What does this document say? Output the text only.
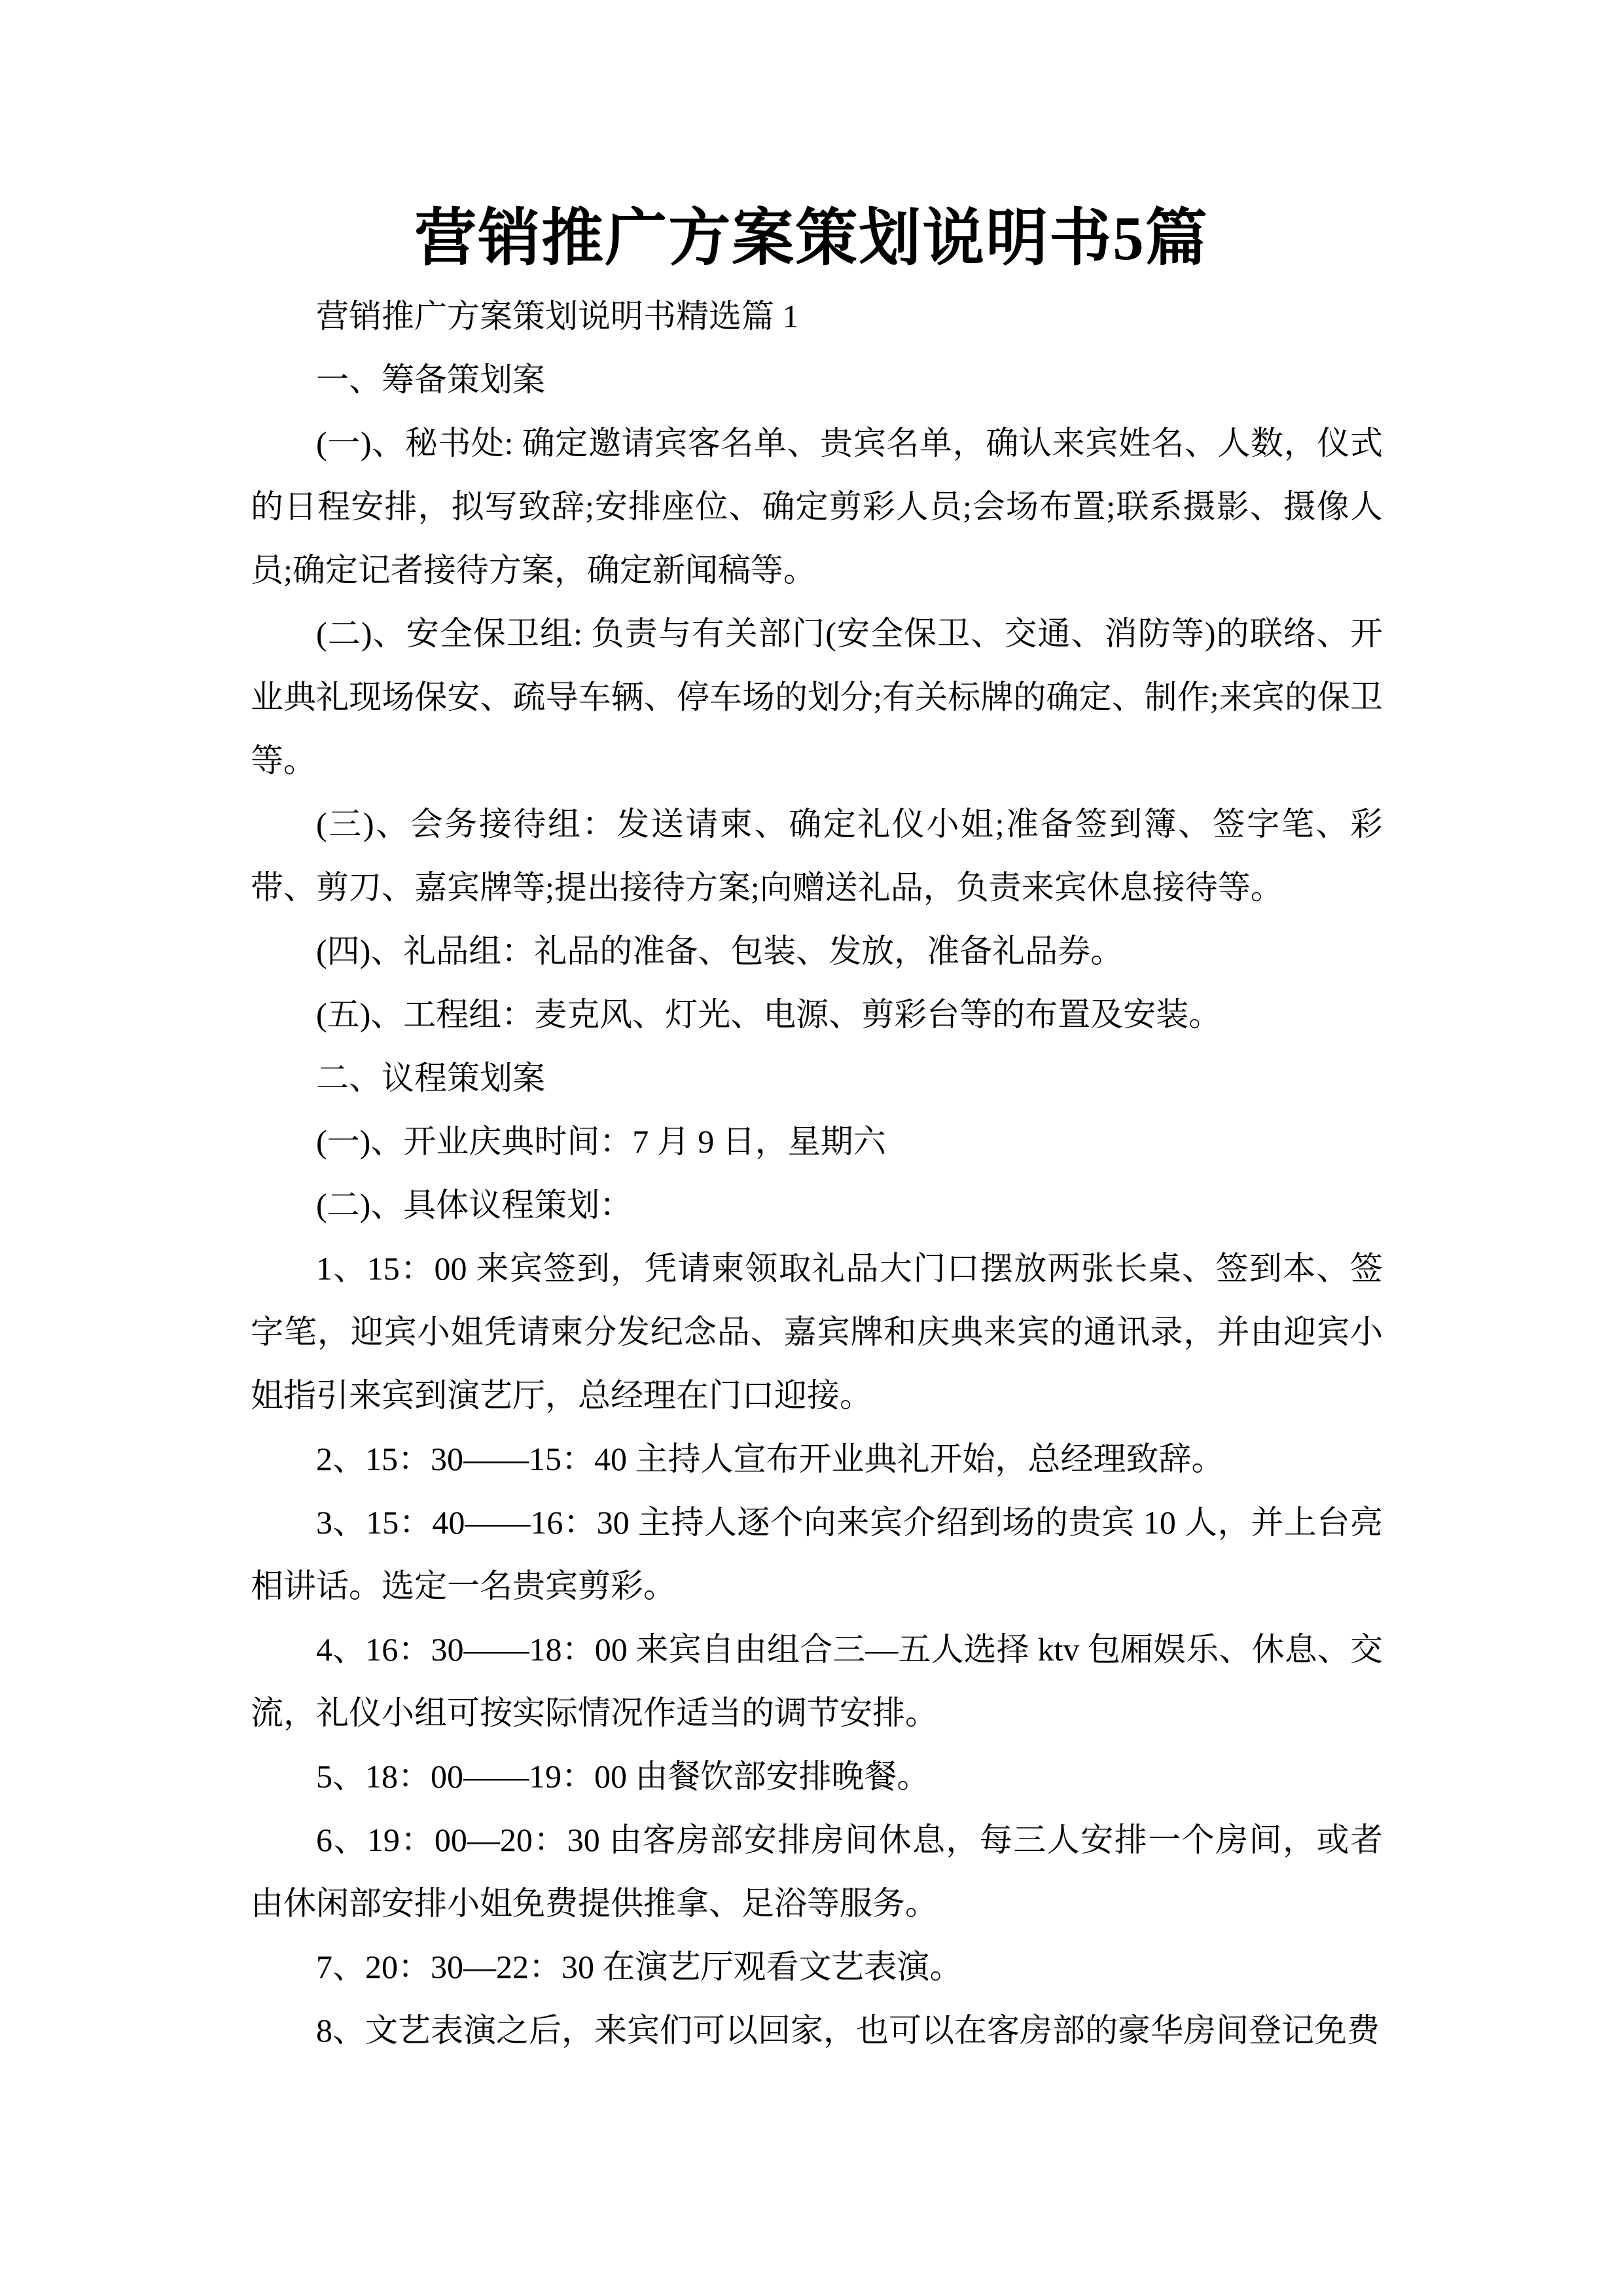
营销推广方案策划说明书5篇

营销推广方案策划说明书精选篇 1

一、筹备策划案

(一)、秘书处: 确定邀请宾客名单、贵宾名单，确认来宾姓名、人数，仪式的日程安排，拟写致辞;安排座位、确定剪彩人员;会场布置;联系摄影、摄像人员;确定记者接待方案，确定新闻稿等。

(二)、安全保卫组: 负责与有关部门(安全保卫、交通、消防等)的联络、开业典礼现场保安、疏导车辆、停车场的划分;有关标牌的确定、制作;来宾的保卫等。

(三)、会务接待组：发送请柬、确定礼仪小姐;准备签到簿、签字笔、彩带、剪刀、嘉宾牌等;提出接待方案;向赠送礼品，负责来宾休息接待等。

(四)、礼品组：礼品的准备、包装、发放，准备礼品券。

(五)、工程组：麦克风、灯光、电源、剪彩台等的布置及安装。

二、议程策划案

(一)、开业庆典时间：7 月 9 日，星期六

(二)、具体议程策划：

1、15：00 来宾签到，凭请柬领取礼品大门口摆放两张长桌、签到本、签字笔，迎宾小姐凭请柬分发纪念品、嘉宾牌和庆典来宾的通讯录，并由迎宾小姐指引来宾到演艺厅，总经理在门口迎接。

2、15：30——15：40 主持人宣布开业典礼开始，总经理致辞。

3、15：40——16：30 主持人逐个向来宾介绍到场的贵宾 10 人，并上台亮相讲话。选定一名贵宾剪彩。

4、16：30——18：00 来宾自由组合三—五人选择 ktv 包厢娱乐、休息、交流，礼仪小组可按实际情况作适当的调节安排。

5、18：00——19：00 由餐饮部安排晚餐。

6、19：00—20：30 由客房部安排房间休息，每三人安排一个房间，或者由休闲部安排小姐免费提供推拿、足浴等服务。

7、20：30—22：30 在演艺厅观看文艺表演。

8、文艺表演之后，来宾们可以回家，也可以在客房部的豪华房间登记免费
